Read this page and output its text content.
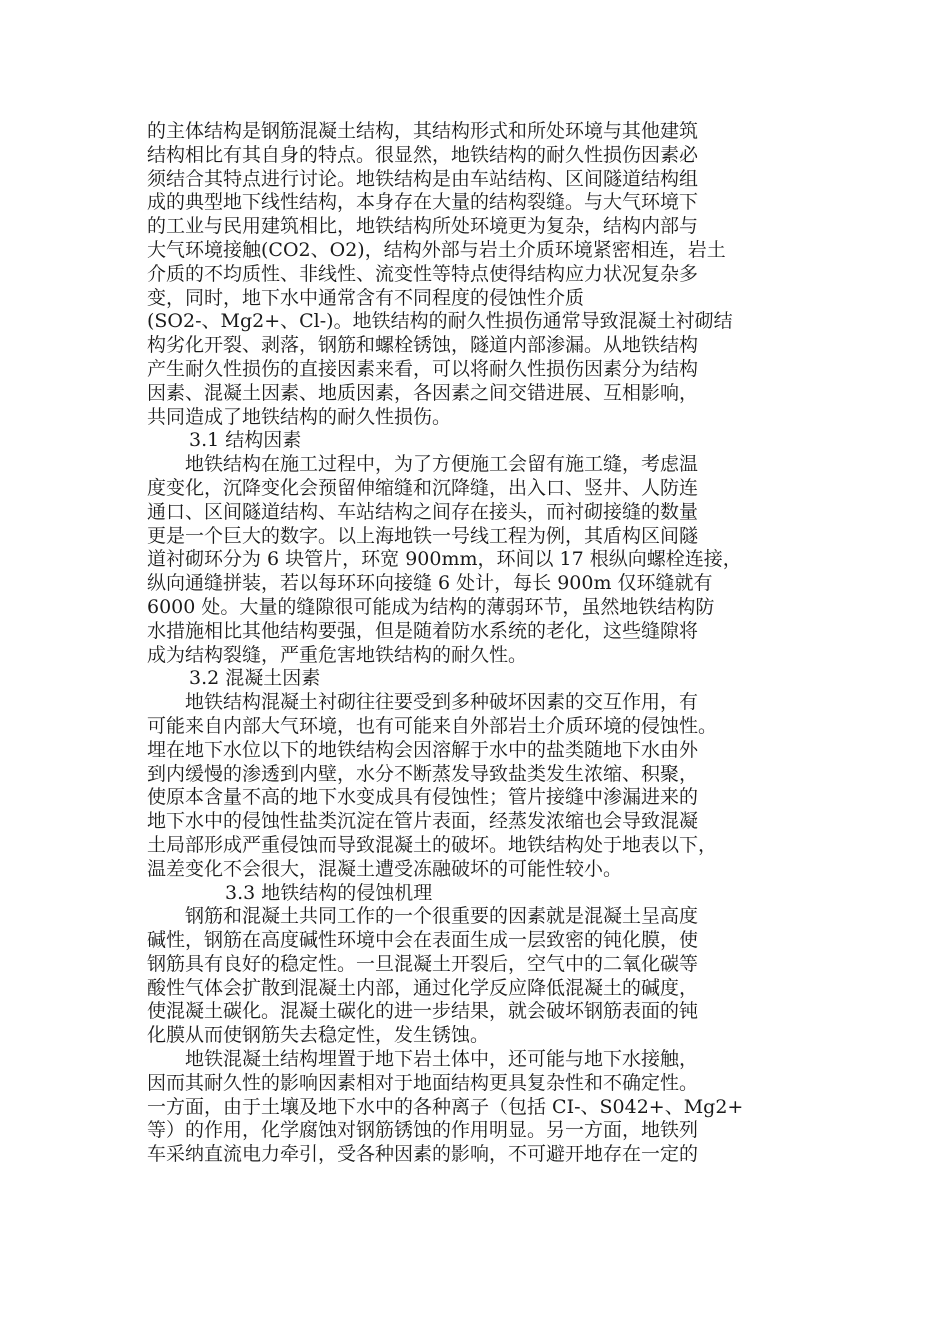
的主体结构是钢筋混凝土结构，其结构形式和所处环境与其他建筑
结构相比有其自身的特点。很显然，地铁结构的耐久性损伤因素必
须结合其特点进行讨论。地铁结构是由车站结构、区间隧道结构组
成的典型地下线性结构，本身存在大量的结构裂缝。与大气环境下
的工业与民用建筑相比，地铁结构所处环境更为复杂，结构内部与
大气环境接触(CO2、O2)，结构外部与岩土介质环境紧密相连，岩土
介质的不均质性、非线性、流变性等特点使得结构应力状况复杂多
变，同时，地下水中通常含有不同程度的侵蚀性介质
(SO2-、Mg2+、Cl-)。地铁结构的耐久性损伤通常导致混凝土衬砌结
构劣化开裂、剥落，钢筋和螺栓锈蚀，隧道内部渗漏。从地铁结构
产生耐久性损伤的直接因素来看，可以将耐久性损伤因素分为结构
因素、混凝土因素、地质因素，各因素之间交错进展、互相影响，
共同造成了地铁结构的耐久性损伤。
3.1 结构因素
地铁结构在施工过程中，为了方便施工会留有施工缝，考虑温
度变化，沉降变化会预留伸缩缝和沉降缝，出入口、竖井、人防连
通口、区间隧道结构、车站结构之间存在接头，而衬砌接缝的数量
更是一个巨大的数字。以上海地铁一号线工程为例，其盾构区间隧
道衬砌环分为 6 块管片，环宽 900mm，环间以 17 根纵向螺栓连接，
纵向通缝拼装，若以每环环向接缝 6 处计，每长 900m 仅环缝就有
6000 处。大量的缝隙很可能成为结构的薄弱环节，虽然地铁结构防
水措施相比其他结构要强，但是随着防水系统的老化，这些缝隙将
成为结构裂缝，严重危害地铁结构的耐久性。
3.2 混凝土因素
地铁结构混凝土衬砌往往要受到多种破坏因素的交互作用，有
可能来自内部大气环境，也有可能来自外部岩土介质环境的侵蚀性。
埋在地下水位以下的地铁结构会因溶解于水中的盐类随地下水由外
到内缓慢的渗透到内壁，水分不断蒸发导致盐类发生浓缩、积聚，
使原本含量不高的地下水变成具有侵蚀性；管片接缝中渗漏进来的
地下水中的侵蚀性盐类沉淀在管片表面，经蒸发浓缩也会导致混凝
土局部形成严重侵蚀而导致混凝土的破坏。地铁结构处于地表以下，
温差变化不会很大，混凝土遭受冻融破坏的可能性较小。
3.3 地铁结构的侵蚀机理
钢筋和混凝土共同工作的一个很重要的因素就是混凝土呈高度
碱性，钢筋在高度碱性环境中会在表面生成一层致密的钝化膜，使
钢筋具有良好的稳定性。一旦混凝土开裂后，空气中的二氧化碳等
酸性气体会扩散到混凝土内部，通过化学反应降低混凝土的碱度，
使混凝土碳化。混凝土碳化的进一步结果，就会破坏钢筋表面的钝
化膜从而使钢筋失去稳定性，发生锈蚀。
地铁混凝土结构埋置于地下岩土体中，还可能与地下水接触，
因而其耐久性的影响因素相对于地面结构更具复杂性和不确定性。
一方面，由于土壤及地下水中的各种离子（包括 CI-、S042+、Mg2+
等）的作用，化学腐蚀对钢筋锈蚀的作用明显。另一方面，地铁列
车采纳直流电力牵引，受各种因素的影响，不可避开地存在一定的
